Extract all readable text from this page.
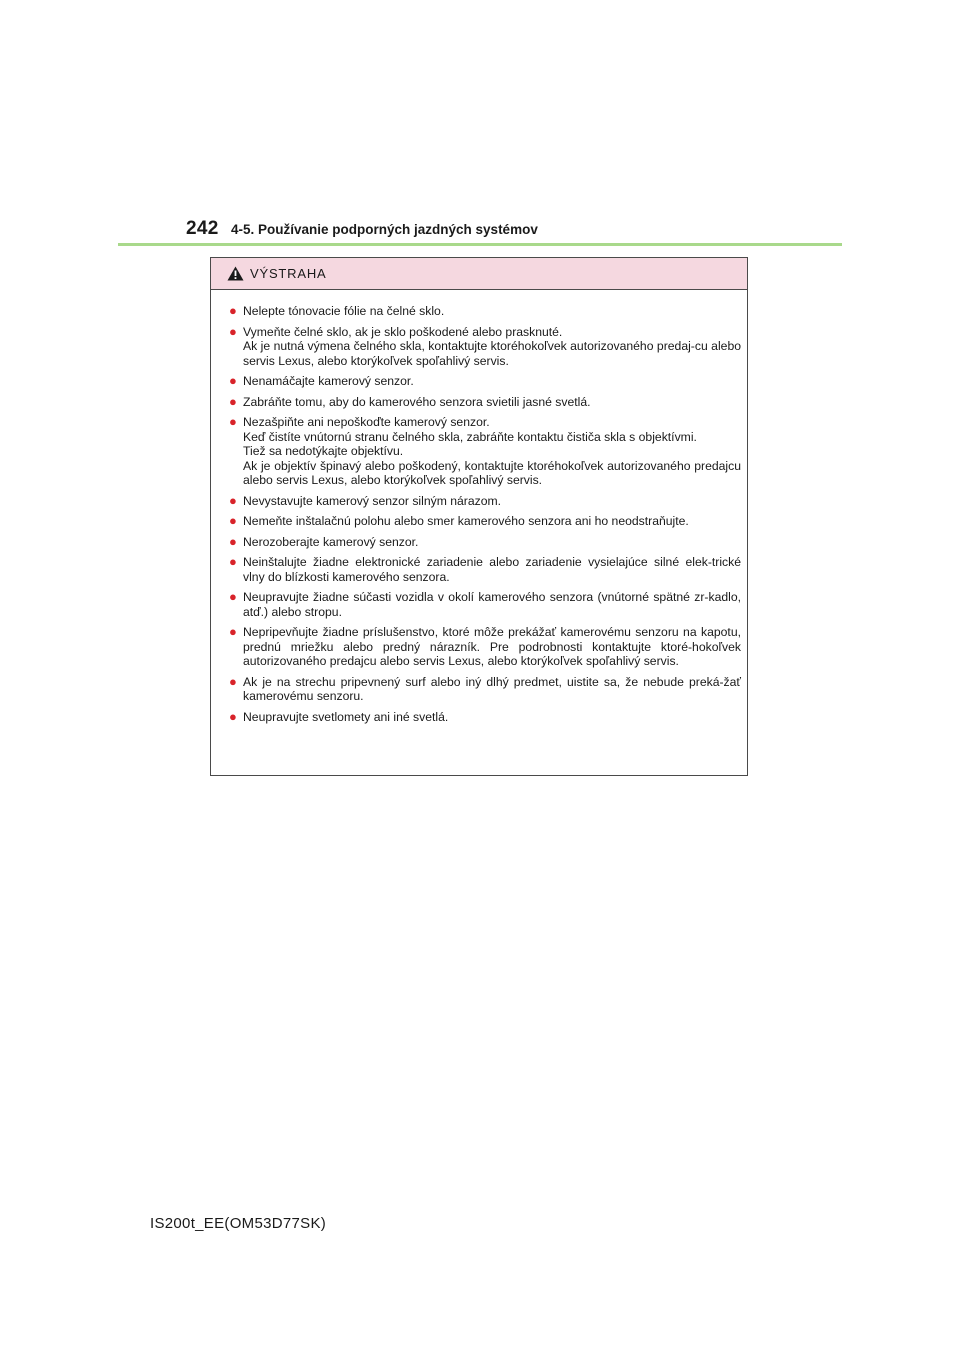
242 4-5. Používanie podporných jazdných systémov
VÝSTRAHA
● Nelepte tónovacie fólie na čelné sklo.
● Vymeňte čelné sklo, ak je sklo poškodené alebo prasknuté.
Ak je nutná výmena čelného skla, kontaktujte ktoréhokoľvek autorizovaného predaj-cu alebo servis Lexus, alebo ktorýkoľvek spoľahlivý servis.
● Nenamáčajte kamerový senzor.
● Zabráňte tomu, aby do kamerového senzora svietili jasné svetlá.
● Nezašpiňte ani nepoškoďte kamerový senzor.
Keď čistíte vnútornú stranu čelného skla, zabráňte kontaktu čističa skla s objektívmi.
Tiež sa nedotýkajte objektívu.
Ak je objektív špinavý alebo poškodený, kontaktujte ktoréhokoľvek autorizovaného predajcu alebo servis Lexus, alebo ktorýkoľvek spoľahlivý servis.
● Nevystavujte kamerový senzor silným nárazom.
● Nemeňte inštalačnú polohu alebo smer kamerového senzora ani ho neodstraňujte.
● Nerozoberajte kamerový senzor.
● Neinštalujte žiadne elektronické zariadenie alebo zariadenie vysielajúce silné elek-trické vlny do blízkosti kamerového senzora.
● Neupravujte žiadne súčasti vozidla v okolí kamerového senzora (vnútorné spätné zr-kadlo, atď.) alebo stropu.
● Nepripevňujte žiadne príslušenstvo, ktoré môže prekážať kamerovému senzoru na kapotu, prednú mriežku alebo predný nárazník. Pre podrobnosti kontaktujte ktoré-hokoľvek autorizovaného predajcu alebo servis Lexus, alebo ktorýkoľvek spoľahlivý servis.
● Ak je na strechu pripevnený surf alebo iný dlhý predmet, uistite sa, že nebude preká-žať kamerovému senzoru.
● Neupravujte svetlomety ani iné svetlá.
IS200t_EE(OM53D77SK)
